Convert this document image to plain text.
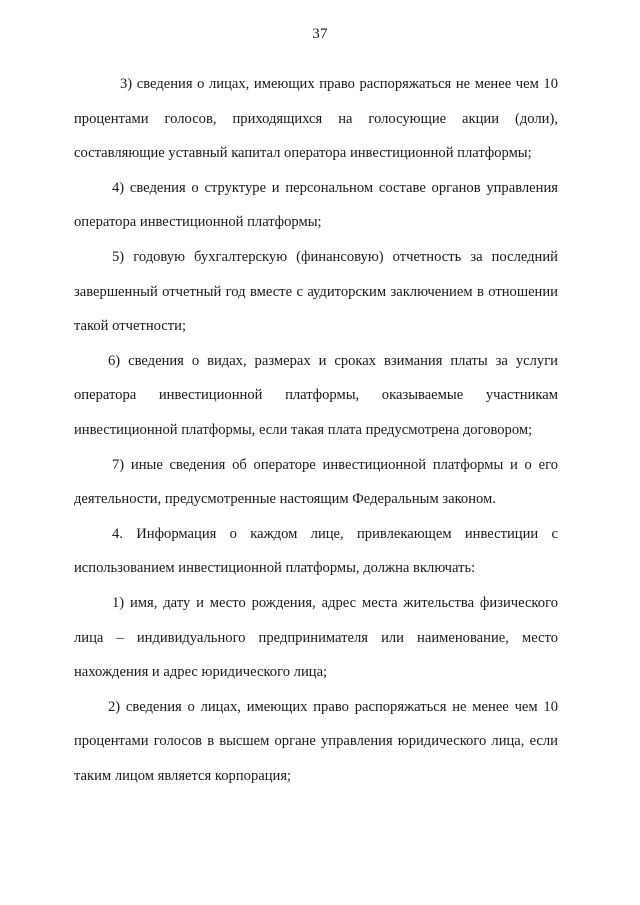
37

3) сведения о лицах, имеющих право распоряжаться не менее чем 10 процентами голосов, приходящихся на голосующие акции (доли), составляющие уставный капитал оператора инвестиционной платформы;

4) сведения о структуре и персональном составе органов управления оператора инвестиционной платформы;

5) годовую бухгалтерскую (финансовую) отчетность за последний завершенный отчетный год вместе с аудиторским заключением в отношении такой отчетности;

6) сведения о видах, размерах и сроках взимания платы за услуги оператора инвестиционной платформы, оказываемые участникам инвестиционной платформы, если такая плата предусмотрена договором;

7) иные сведения об операторе инвестиционной платформы и о его деятельности, предусмотренные настоящим Федеральным законом.

4. Информация о каждом лице, привлекающем инвестиции с использованием инвестиционной платформы, должна включать:

1) имя, дату и место рождения, адрес места жительства физического лица – индивидуального предпринимателя или наименование, место нахождения и адрес юридического лица;

2) сведения о лицах, имеющих право распоряжаться не менее чем 10 процентами голосов в высшем органе управления юридического лица, если таким лицом является корпорация;
